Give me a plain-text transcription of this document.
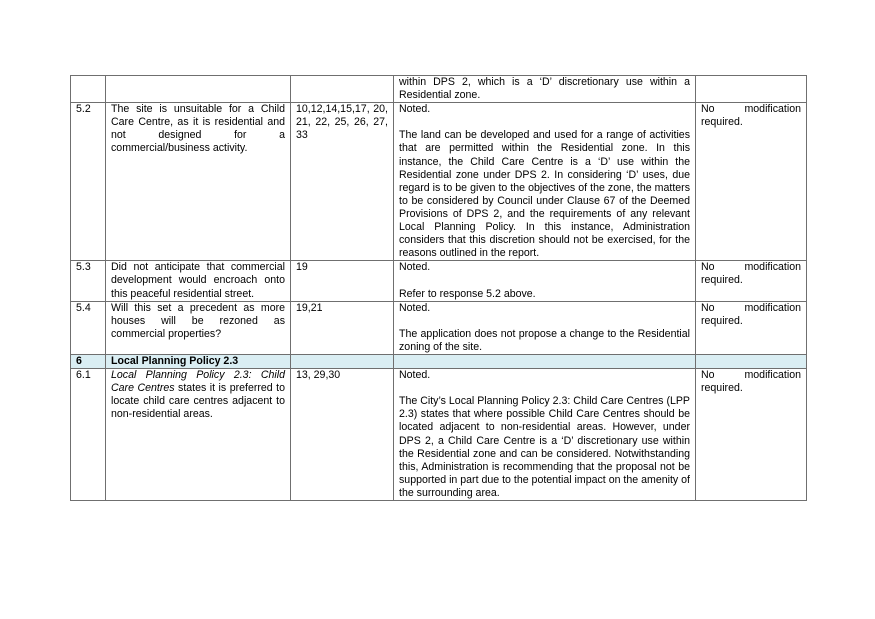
			within DPS 2, which is a ‘D’ discretionary use within a Residential zone.	

5.2	The site is unsuitable for a Child Care Centre, as it is residential and not designed for a commercial/business activity.	10,12,14,15,17, 20, 21, 22, 25, 26, 27, 33	Noted.

The land can be developed and used for a range of activities that are permitted within the Residential zone. In this instance, the Child Care Centre is a ‘D’ use within the Residential zone under DPS 2. In considering ‘D’ uses, due regard is to be given to the objectives of the zone, the matters to be considered by Council under Clause 67 of the Deemed Provisions of DPS 2, and the requirements of any relevant Local Planning Policy. In this instance, Administration considers that this discretion should not be exercised, for the reasons outlined in the report.	No modification required.
5.3	Did not anticipate that commercial development would encroach onto this peaceful residential street.	19	Noted.

Refer to response 5.2 above.	No modification required.
5.4	Will this set a precedent as more houses will be rezoned as commercial properties?	19,21	Noted.

The application does not propose a change to the Residential zoning of the site.	No modification required.
6	Local Planning Policy 2.3			
6.1	Local Planning Policy 2.3: Child Care Centres states it is preferred to locate child care centres adjacent to non-residential areas.	13, 29,30	Noted.

The City’s Local Planning Policy 2.3: Child Care Centres (LPP 2.3) states that where possible Child Care Centres should be located adjacent to non-residential areas. However, under DPS 2, a Child Care Centre is a ‘D’ discretionary use within the Residential zone and can be considered. Notwithstanding this, Administration is recommending that the proposal not be supported in part due to the potential impact on the amenity of the surrounding area.	No modification required.
